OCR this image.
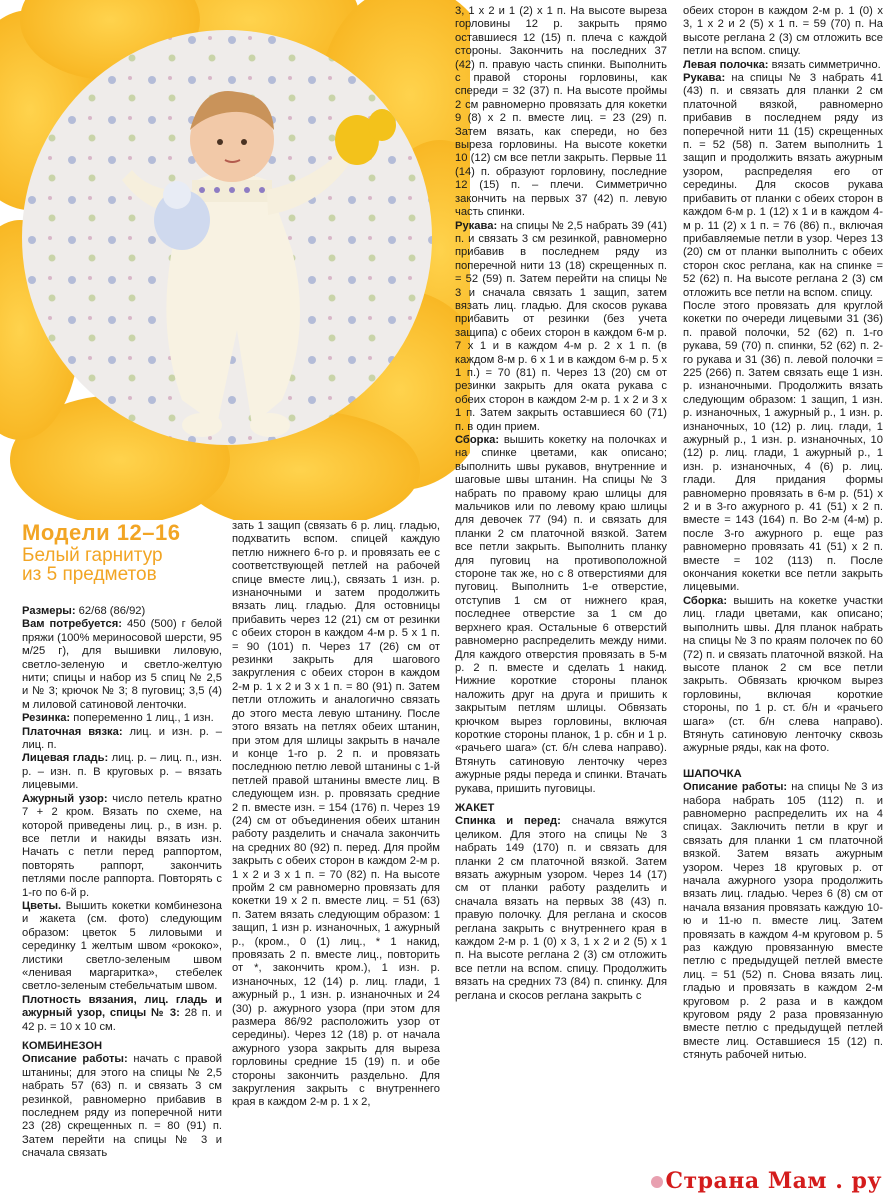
Модели 12–16
Белый гарнитур
из 5 предметов

Размеры: 62/68 (86/92)

Вам потребуется: 450 (500) г белой пряжи (100% мериносовой шерсти, 95 м/25 г), для вышивки лиловую, светло-зеленую и светло-желтую нити; спицы и набор из 5 спиц № 2,5 и № 3; крючок № 3; 8 пуговиц; 3,5 (4) м лиловой сатиновой ленточки.

Резинка: попеременно 1 лиц., 1 изн.

Платочная вязка: лиц. и изн. р. – лиц. п.

Лицевая гладь: лиц. р. – лиц. п., изн. р. – изн. п. В круговых р. – вязать лицевыми.

Ажурный узор: число петель кратно 7 + 2 кром. Вязать по схеме, на которой приведены лиц. р., в изн. р. все петли и накиды вязать изн. Начать с петли перед раппортом, повторять раппорт, закончить петлями после раппорта. Повторять с 1-го по 6-й р.

Цветы. Вышить кокетки комбинезона и жакета (см. фото) следующим образом: цветок 5 лиловыми и серединку 1 желтым швом «рококо», листики светло-зеленым швом «ленивая маргаритка», стебелек светло-зеленым стебельчатым швом.

Плотность вязания, лиц. гладь и ажурный узор, спицы № 3: 28 п. и 42 р. = 10 х 10 см.

КОМБИНЕЗОН

Описание работы: начать с правой штанины; для этого на спицы № 2,5 набрать 57 (63) п. и связать 3 см резинкой, равномерно прибавив в последнем ряду из поперечной нити 23 (28) скрещенных п. = 80 (91) п. Затем перейти на спицы № 3 и сначала связать

зать 1 защип (связать 6 р. лиц. гладью, подхватить вспом. спицей каждую петлю нижнего 6-го р. и провязать ее с соответствующей петлей на рабочей спице вместе лиц.), связать 1 изн. р. изнаночными и затем продолжить вязать лиц. гладью. Для остовницы прибавить через 12 (21) см от резинки с обеих сторон в каждом 4-м р. 5 х 1 п. = 90 (101) п. Через 17 (26) см от резинки закрыть для шагового закругления с обеих сторон в каждом 2-м р. 1 х 2 и 3 х 1 п. = 80 (91) п. Затем петли отложить и аналогично связать до этого места левую штанину. После этого вязать на петлях обеих штанин, при этом для шлицы закрыть в начале и конце 1-го р. 2 п. и провязать последнюю петлю левой штанины с 1-й петлей правой штанины вместе лиц. В следующем изн. р. провязать средние 2 п. вместе изн. = 154 (176) п. Через 19 (24) см от объединения обеих штанин работу разделить и сначала закончить на средних 80 (92) п. перед. Для пройм закрыть с обеих сторон в каждом 2-м р. 1 х 2 и 3 х 1 п. = 70 (82) п. На высоте пройм 2 см равномерно провязать для кокетки 19 х 2 п. вместе лиц. = 51 (63) п. Затем вязать следующим образом: 1 защип, 1 изн р. изнаночных, 1 ажурный р., (кром., 0 (1) лиц., * 1 накид, провязать 2 п. вместе лиц., повторить от *, закончить кром.), 1 изн. р. изнаночных, 12 (14) р. лиц. глади, 1 ажурный р., 1 изн. р. изнаночных и 24 (30) р. ажурного узора (при этом для размера 86/92 расположить узор от середины). Через 12 (18) р. от начала ажурного узора закрыть для выреза горловины средние 15 (19) п. и обе стороны закончить раздельно. Для закругления закрыть с внутреннего края в каждом 2-м р. 1 х 2,

3, 1 х 2 и 1 (2) х 1 п. На высоте выреза горловины 12 р. закрыть прямо оставшиеся 12 (15) п. плеча с каждой стороны. Закончить на последних 37 (42) п. правую часть спинки. Выполнить с правой стороны горловины, как спереди = 32 (37) п. На высоте проймы 2 см равномерно провязать для кокетки 9 (8) х 2 п. вместе лиц. = 23 (29) п. Затем вязать, как спереди, но без выреза горловины. На высоте кокетки 10 (12) см все петли закрыть. Первые 11 (14) п. образуют горловину, последние 12 (15) п. – плечи. Симметрично закончить на первых 37 (42) п. левую часть спинки.

Рукава: на спицы № 2,5 набрать 39 (41) п. и связать 3 см резинкой, равномерно прибавив в последнем ряду из поперечной нити 13 (18) скрещенных п. = 52 (59) п. Затем перейти на спицы № 3 и сначала связать 1 защип, затем вязать лиц. гладью. Для скосов рукава прибавить от резинки (без учета защипа) с обеих сторон в каждом 6-м р. 7 х 1 и в каждом 4-м р. 2 х 1 п. (в каждом 8-м р. 6 х 1 и в каждом 6-м р. 5 х 1 п.) = 70 (81) п. Через 13 (20) см от резинки закрыть для оката рукава с обеих сторон в каждом 2-м р. 1 х 2 и 3 х 1 п. Затем закрыть оставшиеся 60 (71) п. в один прием.

Сборка: вышить кокетку на полочках и на спинке цветами, как описано; выполнить швы рукавов, внутренние и шаговые швы штанин. На спицы № 3 набрать по правому краю шлицы для мальчиков или по левому краю шлицы для девочек 77 (94) п. и связать для планки 2 см платочной вязкой. Затем все петли закрыть. Выполнить планку для пуговиц на противоположной стороне так же, но с 8 отверстиями для пуговиц. Выполнить 1-е отверстие, отступив 1 см от нижнего края, последнее отверстие за 1 см до верхнего края. Остальные 6 отверстий равномерно распределить между ними. Для каждого отверстия провязать в 5-м р. 2 п. вместе и сделать 1 накид. Нижние короткие стороны планок наложить друг на друга и пришить к закрытым петлям шлицы. Обвязать крючком вырез горловины, включая короткие стороны планок, 1 р. сбн и 1 р. «рачьего шага» (ст. б/н слева направо). Втянуть сатиновую ленточку через ажурные ряды переда и спинки. Втачать рукава, пришить пуговицы.

ЖАКЕТ

Спинка и перед: сначала вяжутся целиком. Для этого на спицы № 3 набрать 149 (170) п. и связать для планки 2 см платочной вязкой. Затем вязать ажурным узором. Через 14 (17) см от планки работу разделить и сначала вязать на первых 38 (43) п. правую полочку. Для реглана и скосов реглана закрыть с внутреннего края в каждом 2-м р. 1 (0) х 3, 1 х 2 и 2 (5) х 1 п. На высоте реглана 2 (3) см отложить все петли на вспом. спицу. Продолжить вязать на средних 73 (84) п. спинку. Для реглана и скосов реглана закрыть с

обеих сторон в каждом 2-м р. 1 (0) х 3, 1 х 2 и 2 (5) х 1 п. = 59 (70) п. На высоте реглана 2 (3) см отложить все петли на вспом. спицу.

Левая полочка: вязать симметрично.

Рукава: на спицы № 3 набрать 41 (43) п. и связать для планки 2 см платочной вязкой, равномерно прибавив в последнем ряду из поперечной нити 11 (15) скрещенных п. = 52 (58) п. Затем выполнить 1 защип и продолжить вязать ажурным узором, распределяя его от середины. Для скосов рукава прибавить от планки с обеих сторон в каждом 6-м р. 1 (12) х 1 и в каждом 4-м р. 11 (2) х 1 п. = 76 (86) п., включая прибавляемые петли в узор. Через 13 (20) см от планки выполнить с обеих сторон скос реглана, как на спинке = 52 (62) п. На высоте реглана 2 (3) см отложить все петли на вспом. спицу.

После этого провязать для круглой кокетки по очереди лицевыми 31 (36) п. правой полочки, 52 (62) п. 1-го рукава, 59 (70) п. спинки, 52 (62) п. 2-го рукава и 31 (36) п. левой полочки = 225 (266) п. Затем связать еще 1 изн. р. изнаночными. Продолжить вязать следующим образом: 1 защип, 1 изн. р. изнаночных, 1 ажурный р., 1 изн. р. изнаночных, 10 (12) р. лиц. глади, 1 ажурный р., 1 изн. р. изнаночных, 10 (12) р. лиц. глади, 1 ажурный р., 1 изн. р. изнаночных, 4 (6) р. лиц. глади. Для придания формы равномерно провязать в 6-м р. (51) х 2 и в 3-го ажурного р. 41 (51) х 2 п. вместе = 143 (164) п. Во 2-м (4-м) р. после 3-го ажурного р. еще раз равномерно провязать 41 (51) х 2 п. вместе = 102 (113) п. После окончания кокетки все петли закрыть лицевыми.

Сборка: вышить на кокетке участки лиц. глади цветами, как описано; выполнить швы. Для планок набрать на спицы № 3 по краям полочек по 60 (72) п. и связать платочной вязкой. На высоте планок 2 см все петли закрыть. Обвязать крючком вырез горловины, включая короткие стороны, по 1 р. ст. б/н и «рачьего шага» (ст. б/н слева направо). Втянуть сатиновую ленточку сквозь ажурные ряды, как на фото.

ШАПОЧКА

Описание работы: на спицы № 3 из набора набрать 105 (112) п. и равномерно распределить их на 4 спицах. Заключить петли в круг и связать для планки 1 см платочной вязкой. Затем вязать ажурным узором. Через 18 круговых р. от начала ажурного узора продолжить вязать лиц. гладью. Через 6 (8) см от начала вязания провязать каждую 10-ю и 11-ю п. вместе лиц. Затем провязать в каждом 4-м круговом р. 5 раз каждую провязанную вместе петлю с предыдущей петлей вместе лиц. = 51 (52) п. Снова вязать лиц. гладью и провязать в каждом 2-м круговом р. 2 раза и в каждом круговом ряду 2 раза провязанную вместе петлю с предыдущей петлей вместе лиц. Оставшиеся 15 (12) п. стянуть рабочей нитью.

Страна Мам . ру
